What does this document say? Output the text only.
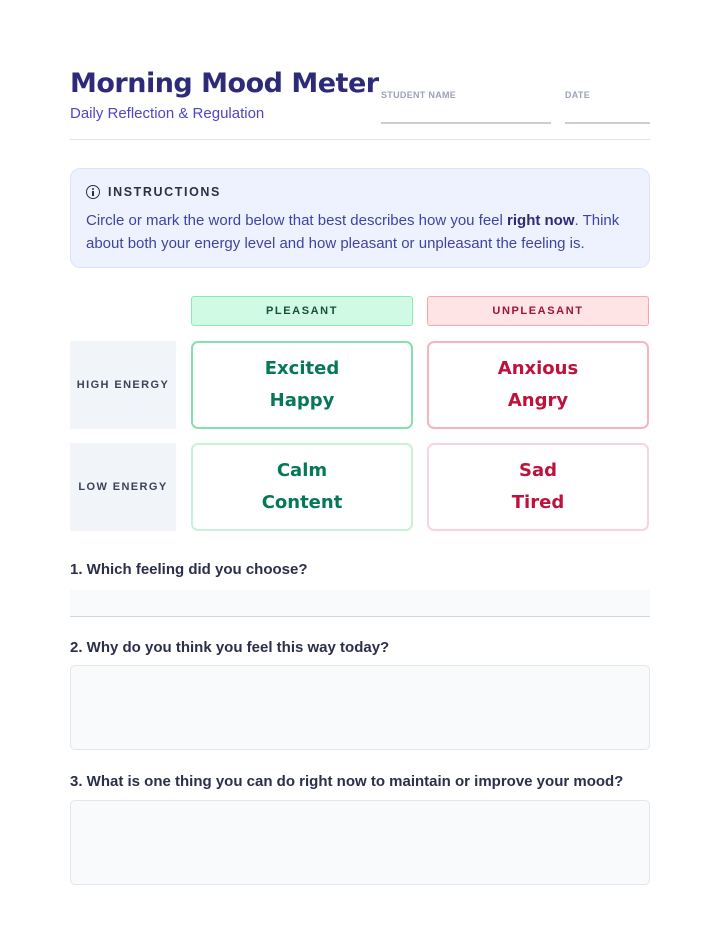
Morning Mood Meter
Daily Reflection & Regulation
STUDENT NAME	DATE
INSTRUCTIONS

Circle or mark the word below that best describes how you feel right now. Think about both your energy level and how pleasant or unpleasant the feeling is.

PLEASANT	UNPLEASANT
HIGH ENERGY
Excited
Happy
Anxious
Angry
LOW ENERGY
Calm
Content
Sad
Tired
1. Which feeling did you choose?
2. Why do you think you feel this way today?
3. What is one thing you can do right now to maintain or improve your mood?
